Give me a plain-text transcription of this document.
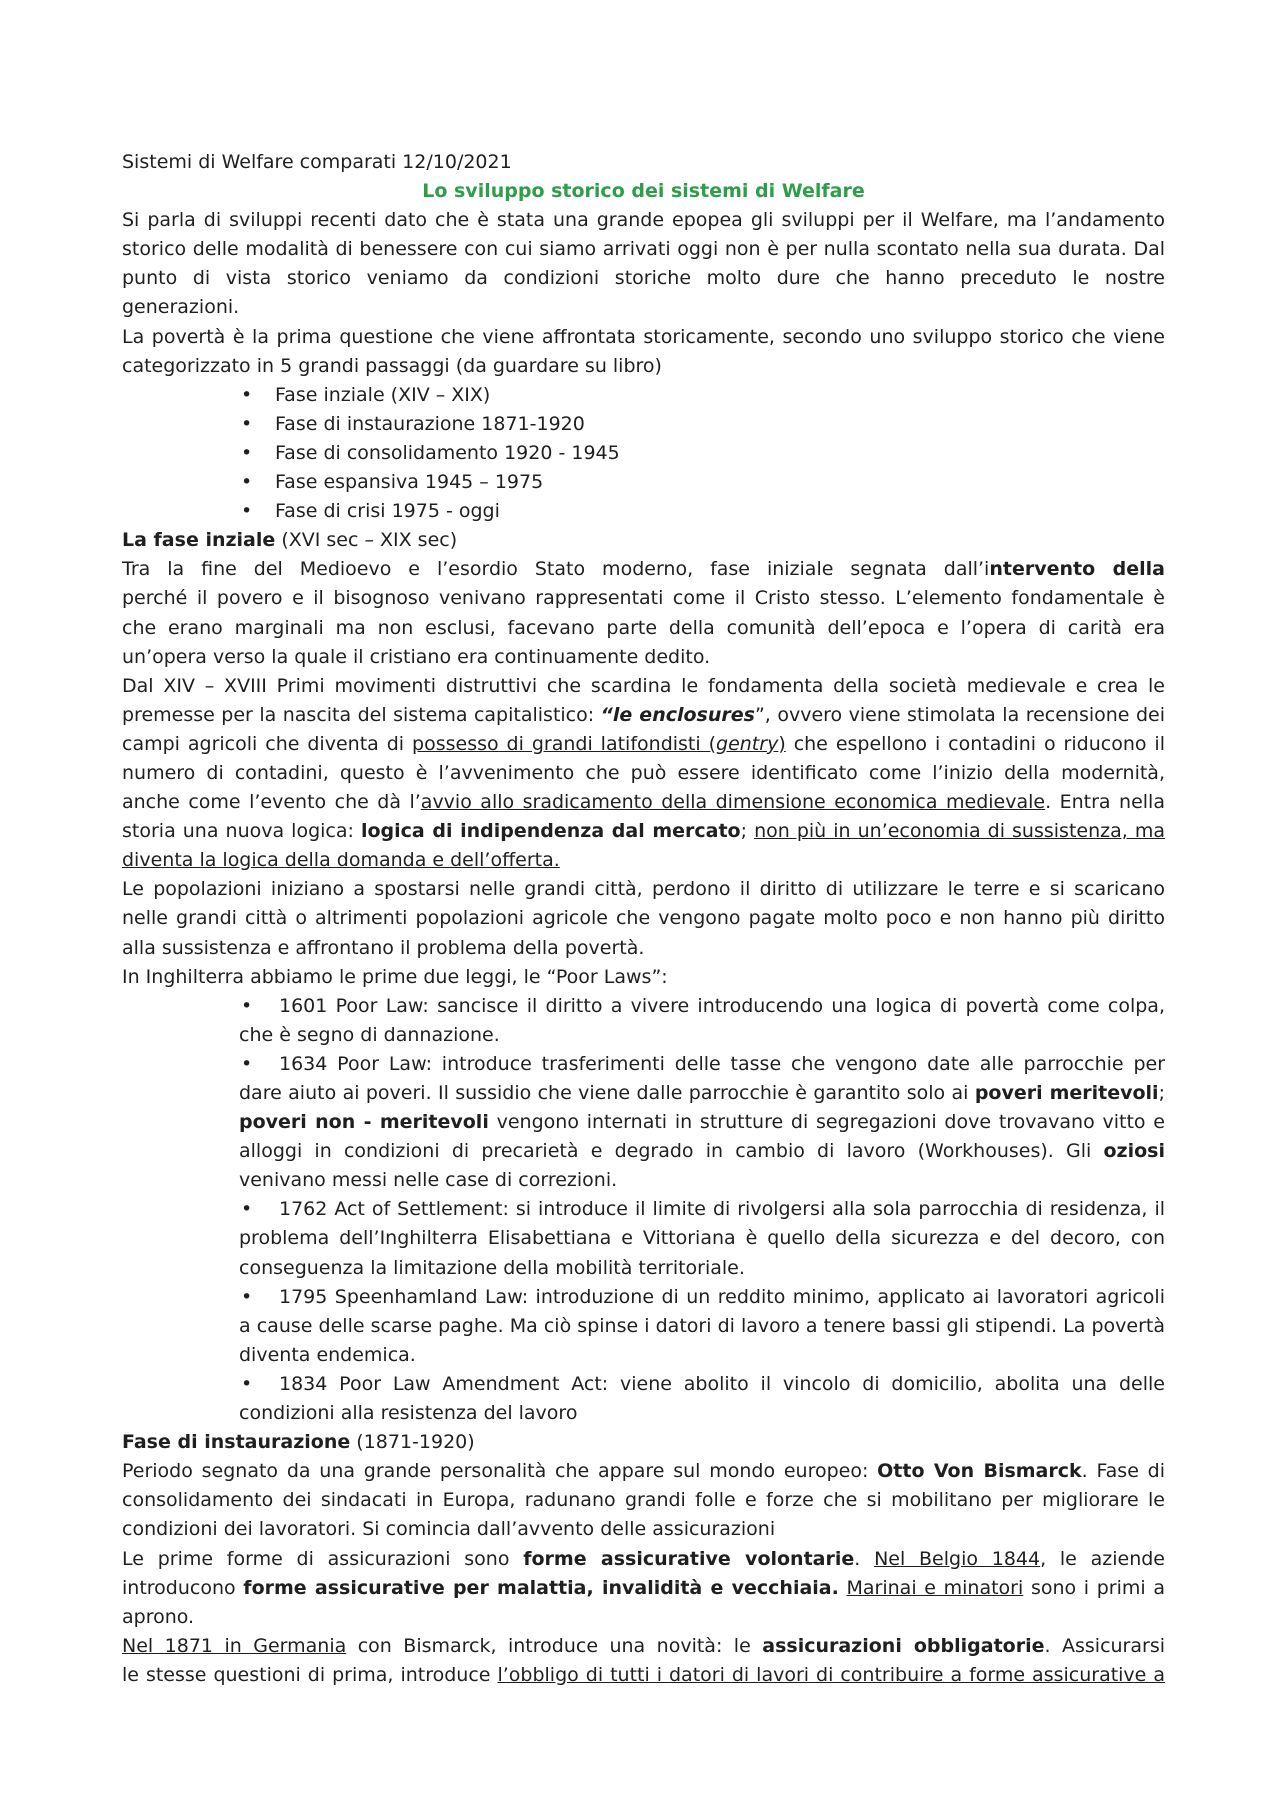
Sistemi di Welfare comparati 12/10/2021
Lo sviluppo storico dei sistemi di Welfare
Si parla di sviluppi recenti dato che è stata una grande epopea gli sviluppi per il Welfare, ma l’andamento
storico delle modalità di benessere con cui siamo arrivati oggi non è per nulla scontato nella sua durata. Dal
punto di vista storico veniamo da condizioni storiche molto dure che hanno preceduto le nostre
generazioni.
La povertà è la prima questione che viene affrontata storicamente, secondo uno sviluppo storico che viene
categorizzato in 5 grandi passaggi (da guardare su libro)
• Fase inziale (XIV – XIX)
• Fase di instaurazione 1871-1920
• Fase di consolidamento 1920 - 1945
• Fase espansiva 1945 – 1975
• Fase di crisi 1975 - oggi
La fase inziale (XVI sec – XIX sec)
Tra la fine del Medioevo e l’esordio Stato moderno, fase iniziale segnata dall’intervento della
perché il povero e il bisognoso venivano rappresentati come il Cristo stesso. L’elemento fondamentale è
che erano marginali ma non esclusi, facevano parte della comunità dell’epoca e l’opera di carità era
un’opera verso la quale il cristiano era continuamente dedito.
Dal XIV – XVIII Primi movimenti distruttivi che scardina le fondamenta della società medievale e crea le
premesse per la nascita del sistema capitalistico: “le enclosures”, ovvero viene stimolata la recensione dei
campi agricoli che diventa di possesso di grandi latifondisti (gentry) che espellono i contadini o riducono il
numero di contadini, questo è l’avvenimento che può essere identificato come l’inizio della modernità,
anche come l’evento che dà l’avvio allo sradicamento della dimensione economica medievale. Entra nella
storia una nuova logica: logica di indipendenza dal mercato; non più in un’economia di sussistenza, ma
diventa la logica della domanda e dell’offerta.
Le popolazioni iniziano a spostarsi nelle grandi città, perdono il diritto di utilizzare le terre e si scaricano
nelle grandi città o altrimenti popolazioni agricole che vengono pagate molto poco e non hanno più diritto
alla sussistenza e affrontano il problema della povertà.
In Inghilterra abbiamo le prime due leggi, le “Poor Laws”:
• 1601 Poor Law: sancisce il diritto a vivere introducendo una logica di povertà come colpa,
che è segno di dannazione.
• 1634 Poor Law: introduce trasferimenti delle tasse che vengono date alle parrocchie per
dare aiuto ai poveri. Il sussidio che viene dalle parrocchie è garantito solo ai poveri meritevoli;
poveri non - meritevoli vengono internati in strutture di segregazioni dove trovavano vitto e
alloggi in condizioni di precarietà e degrado in cambio di lavoro (Workhouses). Gli oziosi
venivano messi nelle case di correzioni.
• 1762 Act of Settlement: si introduce il limite di rivolgersi alla sola parrocchia di residenza, il
problema dell’Inghilterra Elisabettiana e Vittoriana è quello della sicurezza e del decoro, con
conseguenza la limitazione della mobilità territoriale.
• 1795 Speenhamland Law: introduzione di un reddito minimo, applicato ai lavoratori agricoli
a cause delle scarse paghe. Ma ciò spinse i datori di lavoro a tenere bassi gli stipendi. La povertà
diventa endemica.
• 1834 Poor Law Amendment Act: viene abolito il vincolo di domicilio, abolita una delle
condizioni alla resistenza del lavoro
Fase di instaurazione (1871-1920)
Periodo segnato da una grande personalità che appare sul mondo europeo: Otto Von Bismarck. Fase di
consolidamento dei sindacati in Europa, radunano grandi folle e forze che si mobilitano per migliorare le
condizioni dei lavoratori. Si comincia dall’avvento delle assicurazioni
Le prime forme di assicurazioni sono forme assicurative volontarie. Nel Belgio 1844, le aziende
introducono forme assicurative per malattia, invalidità e vecchiaia. Marinai e minatori sono i primi a
aprono.
Nel 1871 in Germania con Bismarck, introduce una novità: le assicurazioni obbligatorie. Assicurarsi
le stesse questioni di prima, introduce l’obbligo di tutti i datori di lavori di contribuire a forme assicurative a
